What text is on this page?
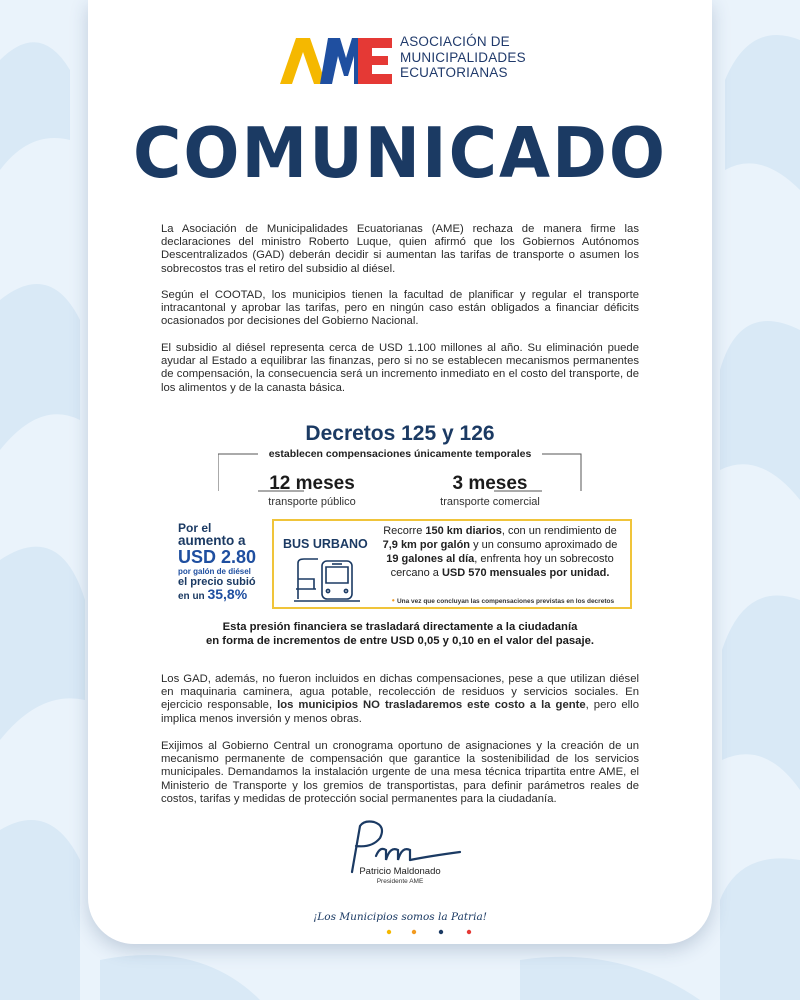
ASOCIACIÓN DE
MUNICIPALIDADES
ECUATORIANAS
COMUNICADO
La Asociación de Municipalidades Ecuatorianas (AME) rechaza de manera firme las declaraciones del ministro Roberto Luque, quien afirmó que los Gobiernos Autónomos Descentralizados (GAD) deberán decidir si aumentan las tarifas de transporte o asumen los sobrecostos tras el retiro del subsidio al diésel.
Según el COOTAD, los municipios tienen la facultad de planificar y regular el transporte intracantonal y aprobar las tarifas, pero en ningún caso están obligados a financiar déficits ocasionados por decisiones del Gobierno Nacional.
El subsidio al diésel representa cerca de USD 1.100 millones al año. Su eliminación puede ayudar al Estado a equilibrar las finanzas, pero si no se establecen mecanismos permanentes de compensación, la consecuencia será un incremento inmediato en el costo del transporte, de los alimentos y de la canasta básica.
Decretos 125 y 126
establecen compensaciones únicamente temporales
12 meses
transporte público
3 meses
transporte comercial
Por el
aumento a
USD 2.80
por galón de diésel
el precio subió
en un 35,8%
BUS URBANO
Recorre 150 km diarios, con un rendimiento de 7,9 km por galón y un consumo aproximado de 19 galones al día, enfrenta hoy un sobrecosto cercano a USD 570 mensuales por unidad.
• Una vez que concluyan las compensaciones previstas en los decretos
Esta presión financiera se trasladará directamente a la ciudadanía
en forma de incrementos de entre USD 0,05 y 0,10 en el valor del pasaje.
Los GAD, además, no fueron incluidos en dichas compensaciones, pese a que utilizan diésel en maquinaria caminera, agua potable, recolección de residuos y servicios sociales. En ejercicio responsable, los municipios NO trasladaremos este costo a la gente, pero ello implica menos inversión y menos obras.
Exijimos al Gobierno Central un cronograma oportuno de asignaciones y la creación de un mecanismo permanente de compensación que garantice la sostenibilidad de los servicios municipales. Demandamos la instalación urgente de una mesa técnica tripartita entre AME, el Ministerio de Transporte y los gremios de transportistas, para definir parámetros reales de costos, tarifas y medidas de protección social permanentes para la ciudadanía.
Patricio Maldonado
Presidente AME
¡Los Municipios somos la Patria!
